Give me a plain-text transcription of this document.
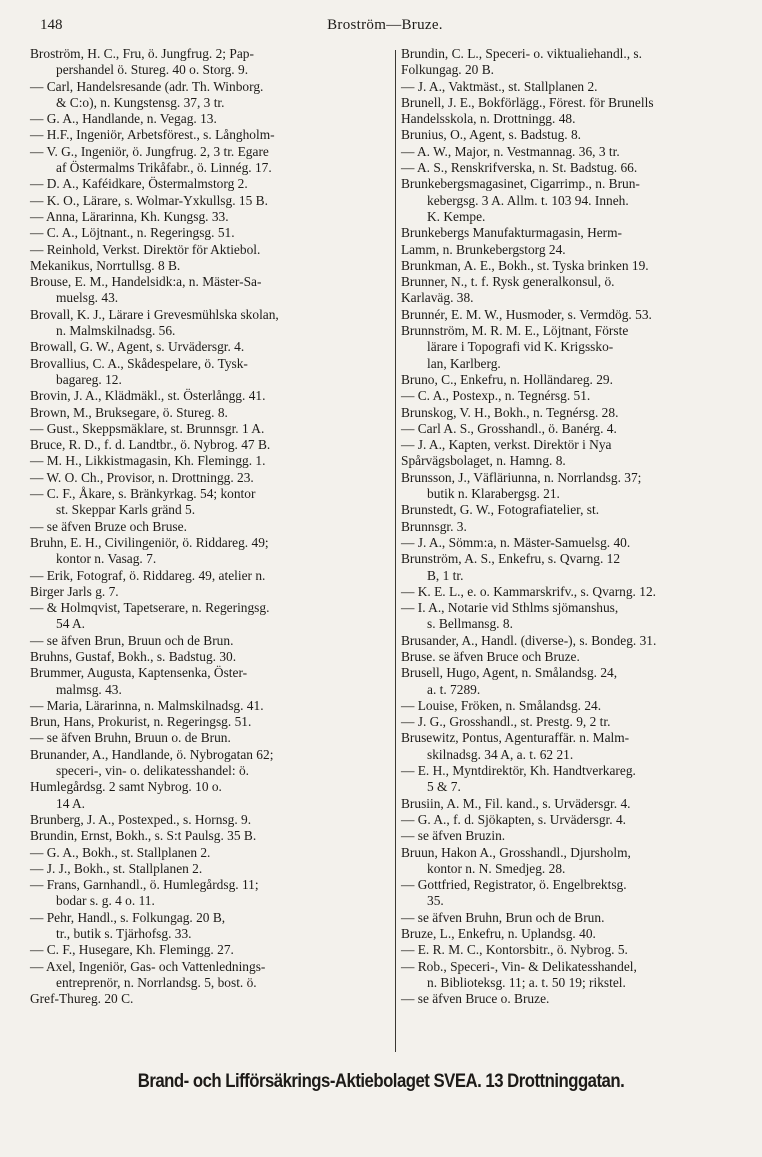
148	Broström—Bruze.
Broström, H. C., Fru, ö. Jungfrug. 2; Pap-
pershandel ö. Stureg. 40 o. Storg. 9.
— Carl, Handelsresande (adr. Th. Winborg.
& C:o), n. Kungstensg. 37, 3 tr.
— G. A., Handlande, n. Vegag. 13.
— H.F., Ingeniör, Arbetsförest., s. Långholm-
— V. G., Ingeniör, ö. Jungfrug. 2, 3 tr. Egare
af Östermalms Trikåfabr., ö. Linnég. 17.
— D. A., Kaféidkare, Östermalmstorg 2.
— K. O., Lärare, s. Wolmar-Yxkullsg. 15 B.
— Anna, Lärarinna, Kh. Kungsg. 33.
— C. A., Löjtnant., n. Regeringsg. 51.
— Reinhold, Verkst. Direktör för Aktiebol.
Mekanikus, Norrtullsg. 8 B.
Brouse, E. M., Handelsidk:a, n. Mäster-Sa-
muelsg. 43.
Brovall, K. J., Lärare i Grevesmühlska skolan,
n. Malmskilnadsg. 56.
Browall, G. W., Agent, s. Urvädersgr. 4.
Brovallius, C. A., Skådespelare, ö. Tysk-
bagareg. 12.
Brovin, J. A., Klädmäkl., st. Österlångg. 41.
Brown, M., Bruksegare, ö. Stureg. 8.
— Gust., Skeppsmäklare, st. Brunnsgr. 1 A.
Bruce, R. D., f. d. Landtbr., ö. Nybrog. 47 B.
— M. H., Likkistmagasin, Kh. Flemingg. 1.
— W. O. Ch., Provisor, n. Drottningg. 23.
— C. F., Åkare, s. Bränkyrkag. 54; kontor
st. Skeppar Karls gränd 5.
— se äfven Bruze och Bruse.
Bruhn, E. H., Civilingeniör, ö. Riddareg. 49;
kontor n. Vasag. 7.
— Erik, Fotograf, ö. Riddareg. 49, atelier n.
Birger Jarls g. 7.
— & Holmqvist, Tapetserare, n. Regeringsg.
54 A.
— se äfven Brun, Bruun och de Brun.
Bruhns, Gustaf, Bokh., s. Badstug. 30.
Brummer, Augusta, Kaptensenka, Öster-
malmsg. 43.
— Maria, Lärarinna, n. Malmskilnadsg. 41.
Brun, Hans, Prokurist, n. Regeringsg. 51.
— se äfven Bruhn, Bruun o. de Brun.
Brunander, A., Handlande, ö. Nybrogatan 62;
speceri-, vin- o. delikatesshandel: ö.
Humlegårdsg. 2 samt Nybrog. 10 o.
14 A.
Brunberg, J. A., Postexped., s. Hornsg. 9.
Brundin, Ernst, Bokh., s. S:t Paulsg. 35 B.
— G. A., Bokh., st. Stallplanen 2.
— J. J., Bokh., st. Stallplanen 2.
— Frans, Garnhandl., ö. Humlegårdsg. 11;
bodar s. g. 4 o. 11.
— Pehr, Handl., s. Folkungag. 20 B,
tr., butik s. Tjärhofsg. 33.
— C. F., Husegare, Kh. Flemingg. 27.
— Axel, Ingeniör, Gas- och Vattenlednings-
entreprenör, n. Norrlandsg. 5, bost. ö.
Gref-Thureg. 20 C.
Brundin, C. L., Speceri- o. viktualiehandl., s.
Folkungag. 20 B.
— J. A., Vaktmäst., st. Stallplanen 2.
Brunell, J. E., Bokförlägg., Förest. för Brunells
Handelsskola, n. Drottningg. 48.
Brunius, O., Agent, s. Badstug. 8.
— A. W., Major, n. Vestmannag. 36, 3 tr.
— A. S., Renskrifverska, n. St. Badstug. 66.
Brunkebergsmagasinet, Cigarrimp., n. Brun-
kebergsg. 3 A. Allm. t. 103 94. Inneh.
K. Kempe.
Brunkebergs Manufakturmagasin, Herm-
Lamm, n. Brunkebergstorg 24.
Brunkman, A. E., Bokh., st. Tyska brinken 19.
Brunner, N., t. f. Rysk generalkonsul, ö.
Karlaväg. 38.
Brunnér, E. M. W., Husmoder, s. Vermdög. 53.
Brunnström, M. R. M. E., Löjtnant, Förste
lärare i Topografi vid K. Krigssko-
lan, Karlberg.
Bruno, C., Enkefru, n. Holländareg. 29.
— C. A., Postexp., n. Tegnérsg. 51.
Brunskog, V. H., Bokh., n. Tegnérsg. 28.
— Carl A. S., Grosshandl., ö. Banérg. 4.
— J. A., Kapten, verkst. Direktör i Nya
Spårvägsbolaget, n. Hamng. 8.
Brunsson, J., Väfläriunna, n. Norrlandsg. 37;
butik n. Klarabergsg. 21.
Brunstedt, G. W., Fotografiatelier, st.
Brunnsgr. 3.
— J. A., Sömm:a, n. Mäster-Samuelsg. 40.
Brunström, A. S., Enkefru, s. Qvarng. 12
B, 1 tr.
— K. E. L., e. o. Kammarskrifv., s. Qvarng. 12.
— I. A., Notarie vid Sthlms sjömanshus,
s. Bellmansg. 8.
Brusander, A., Handl. (diverse-), s. Bondeg. 31.
Bruse. se äfven Bruce och Bruze.
Brusell, Hugo, Agent, n. Smålandsg. 24,
a. t. 7289.
— Louise, Fröken, n. Smålandsg. 24.
— J. G., Grosshandl., st. Prestg. 9, 2 tr.
Brusewitz, Pontus, Agenturaffär. n. Malm-
skilnadsg. 34 A, a. t. 62 21.
— E. H., Myntdirektör, Kh. Handtverkareg.
5 & 7.
Brusiin, A. M., Fil. kand., s. Urvädersgr. 4.
— G. A., f. d. Sjökapten, s. Urvädersgr. 4.
— se äfven Bruzin.
Bruun, Hakon A., Grosshandl., Djursholm,
kontor n. N. Smedjeg. 28.
— Gottfried, Registrator, ö. Engelbrektsg.
35.
— se äfven Bruhn, Brun och de Brun.
Bruze, L., Enkefru, n. Uplandsg. 40.
— E. R. M. C., Kontorsbitr., ö. Nybrog. 5.
— Rob., Speceri-, Vin- & Delikatesshandel,
n. Biblioteksg. 11; a. t. 50 19; rikstel.
— se äfven Bruce o. Bruze.
Brand- och Lifförsäkrings-Aktiebolaget SVEA. 13 Drottninggatan.
